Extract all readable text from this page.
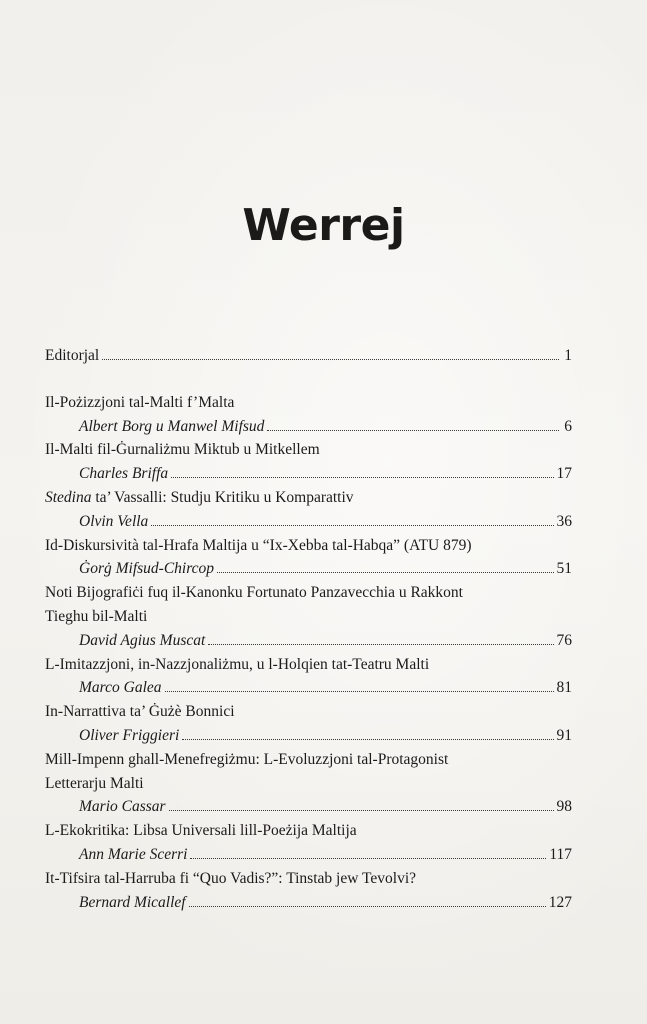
Werrej
Editorjal	1
Il-Pożizzjoni tal-Malti f’Malta
Albert Borg u Manwel Mifsud	6
Il-Malti fil-Ġurnaliżmu Miktub u Mitkellem
Charles Briffa	17
Stedina ta’ Vassalli: Studju Kritiku u Komparattiv
Olvin Vella	36
Id-Diskursività tal-Hrafa Maltija u “Ix-Xebba tal-Habqa” (ATU 879)
Ġorġ Mifsud-Chircop	51
Noti Bijografiċi fuq il-Kanonku Fortunato Panzavecchia u Rakkont
Tieghu bil-Malti
David Agius Muscat	76
L-Imitazzjoni, in-Nazzjonaliżmu, u l-Holqien tat-Teatru Malti
Marco Galea	81
In-Narrattiva ta’ Ġużè Bonnici
Oliver Friggieri	91
Mill-Impenn ghall-Menefregiżmu: L-Evoluzzjoni tal-Protagonist
Letterarju Malti
Mario Cassar	98
L-Ekokritika: Libsa Universali lill-Poeżija Maltija
Ann Marie Scerri	117
It-Tifsira tal-Harruba fi “Quo Vadis?”: Tinstab jew Tevolvi?
Bernard Micallef	127
